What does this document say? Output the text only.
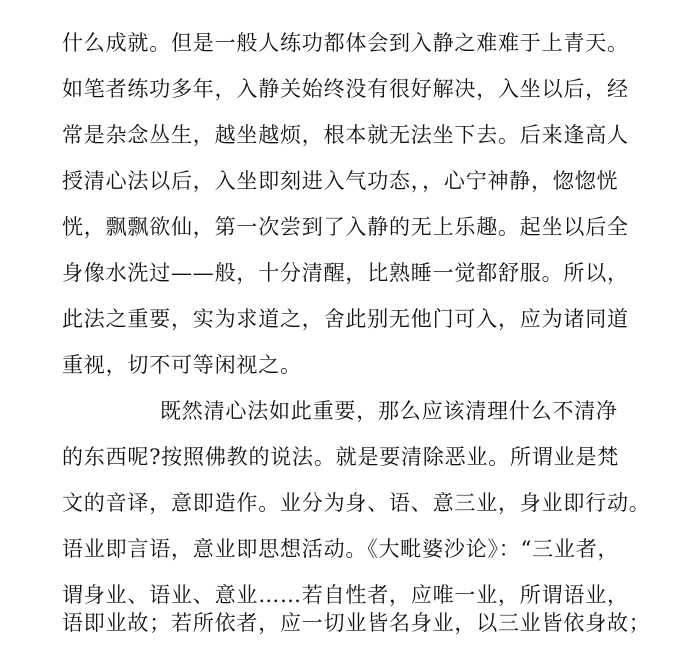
什么成就。但是一般人练功都体会到入静之难难于上青天。
如笔者练功多年，入静关始终没有很好解决，入坐以后，经
常是杂念丛生，越坐越烦，根本就无法坐下去。后来逢高人
授清心法以后，入坐即刻进入气功态，，心宁神静，惚惚恍
恍，飘飘欲仙，第一次尝到了入静的无上乐趣。起坐以后全
身像水洗过——般，十分清醒，比熟睡一觉都舒服。所以，
此法之重要，实为求道之，舍此别无他门可入，应为诸同道
重视，切不可等闲视之。
既然清心法如此重要，那么应该清理什么不清净
的东西呢?按照佛教的说法。就是要清除恶业。所谓业是梵
文的音译，意即造作。业分为身、语、意三业，身业即行动。
语业即言语，意业即思想活动。《大毗婆沙论》：“三业者，
谓身业、语业、意业……若自性者，应唯一业，所谓语业，
语即业故；若所依者，应一切业皆名身业，以三业皆依身故；
